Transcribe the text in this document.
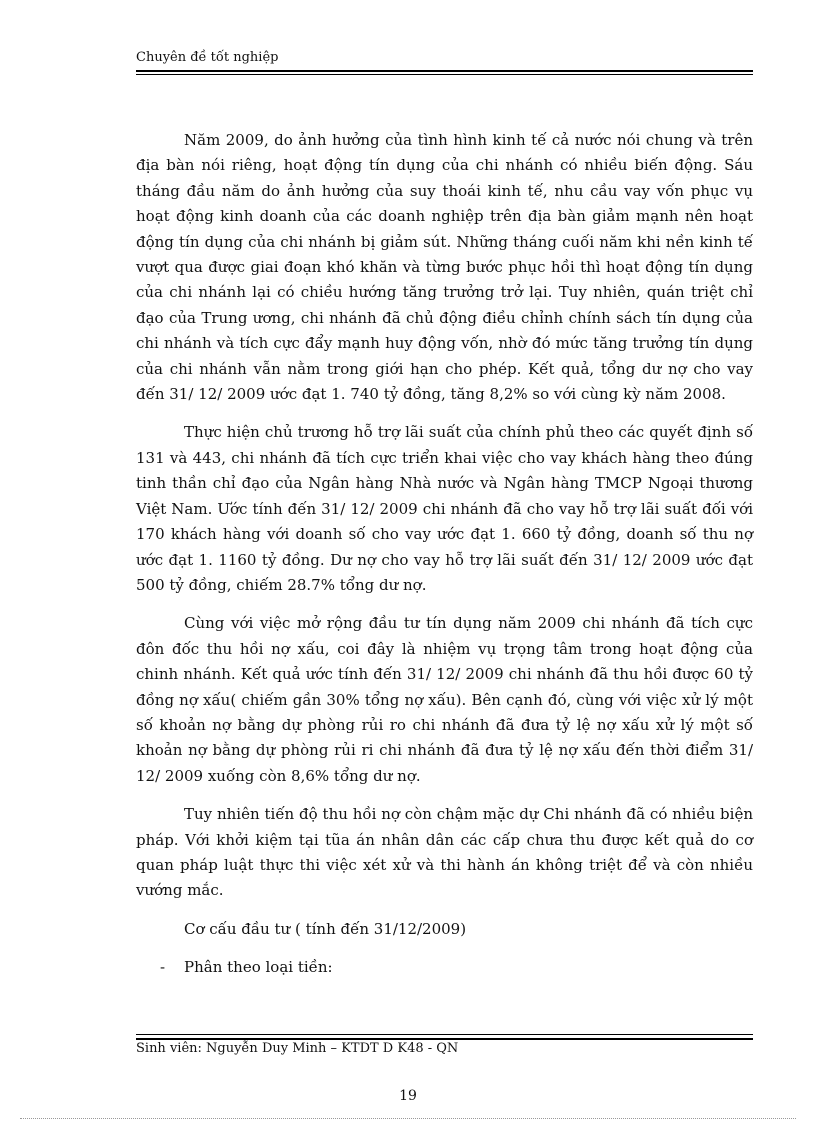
Chuyên đề tốt nghiệp

Năm 2009, do ảnh hưởng của tình hình kinh tế cả nước nói chung và trên địa bàn nói riêng, hoạt động tín dụng của chi nhánh có nhiều biến động. Sáu tháng đầu năm do ảnh hưởng của suy thoái kinh tế, nhu cầu vay vốn phục vụ hoạt động kinh doanh của các doanh nghiệp trên địa bàn giảm mạnh nên hoạt động tín dụng của chi nhánh bị giảm sút. Những tháng cuối năm khi nền kinh tế vượt qua được giai đoạn khó khăn và từng bước phục hồi thì hoạt động tín dụng của chi nhánh lại có chiều hướng tăng trưởng trở lại. Tuy nhiên, quán triệt chỉ đạo của Trung ương, chi nhánh đã chủ động điều chỉnh chính sách tín dụng của chi nhánh và tích cực đẩy mạnh huy động vốn, nhờ đó mức tăng trưởng tín dụng của chi nhánh vẫn nằm trong giới hạn cho phép. Kết quả, tổng dư nợ cho vay đến 31/ 12/ 2009 ước đạt 1. 740 tỷ đồng, tăng 8,2% so với cùng kỳ năm 2008.

Thực hiện chủ trương hỗ trợ lãi suất của chính phủ theo các quyết định số 131 và 443, chi nhánh đã tích cực triển khai việc cho vay khách hàng theo đúng tinh thần chỉ đạo của Ngân hàng Nhà nước và Ngân hàng TMCP Ngoại thương Việt Nam. Ước tính đến 31/ 12/ 2009 chi nhánh đã cho vay hỗ trợ lãi suất đối với 170 khách hàng với doanh số cho vay ước đạt 1. 660 tỷ đồng, doanh số thu nợ ước đạt 1. 1160 tỷ đồng. Dư nợ cho vay hỗ trợ lãi suất đến 31/ 12/ 2009 ước đạt 500 tỷ đồng, chiếm 28.7% tổng dư nợ.

Cùng với việc mở rộng đầu tư tín dụng năm 2009 chi nhánh đã tích cực đôn đốc thu hồi nợ xấu, coi đây là nhiệm vụ trọng tâm trong hoạt động của chinh nhánh. Kết quả ước tính đến 31/ 12/ 2009 chi nhánh đã thu hồi được 60 tỷ đồng nợ xấu( chiếm gần 30% tổng nợ xấu). Bên cạnh đó, cùng với việc xử lý một số khoản nợ bằng dự phòng rủi ro chi nhánh đã đưa tỷ lệ nợ xấu xử lý một số khoản nợ bằng dự phòng rủi ri chi nhánh đã đưa tỷ lệ nợ xấu đến thời điểm 31/ 12/ 2009 xuống còn 8,6% tổng dư nợ.

Tuy nhiên tiến độ thu hồi nợ còn chậm mặc dự Chi nhánh đã có nhiều biện pháp. Với khởi kiệm tại tũa án nhân dân các cấp chưa thu được kết quả do cơ quan pháp luật thực thi việc xét xử và thi hành án không triệt để và còn nhiều vướng mắc.

Cơ cấu đầu tư ( tính đến 31/12/2009)

-	Phân theo loại tiền:
Sinh viên: Nguyễn Duy Minh – KTDT D K48 - QN
19
